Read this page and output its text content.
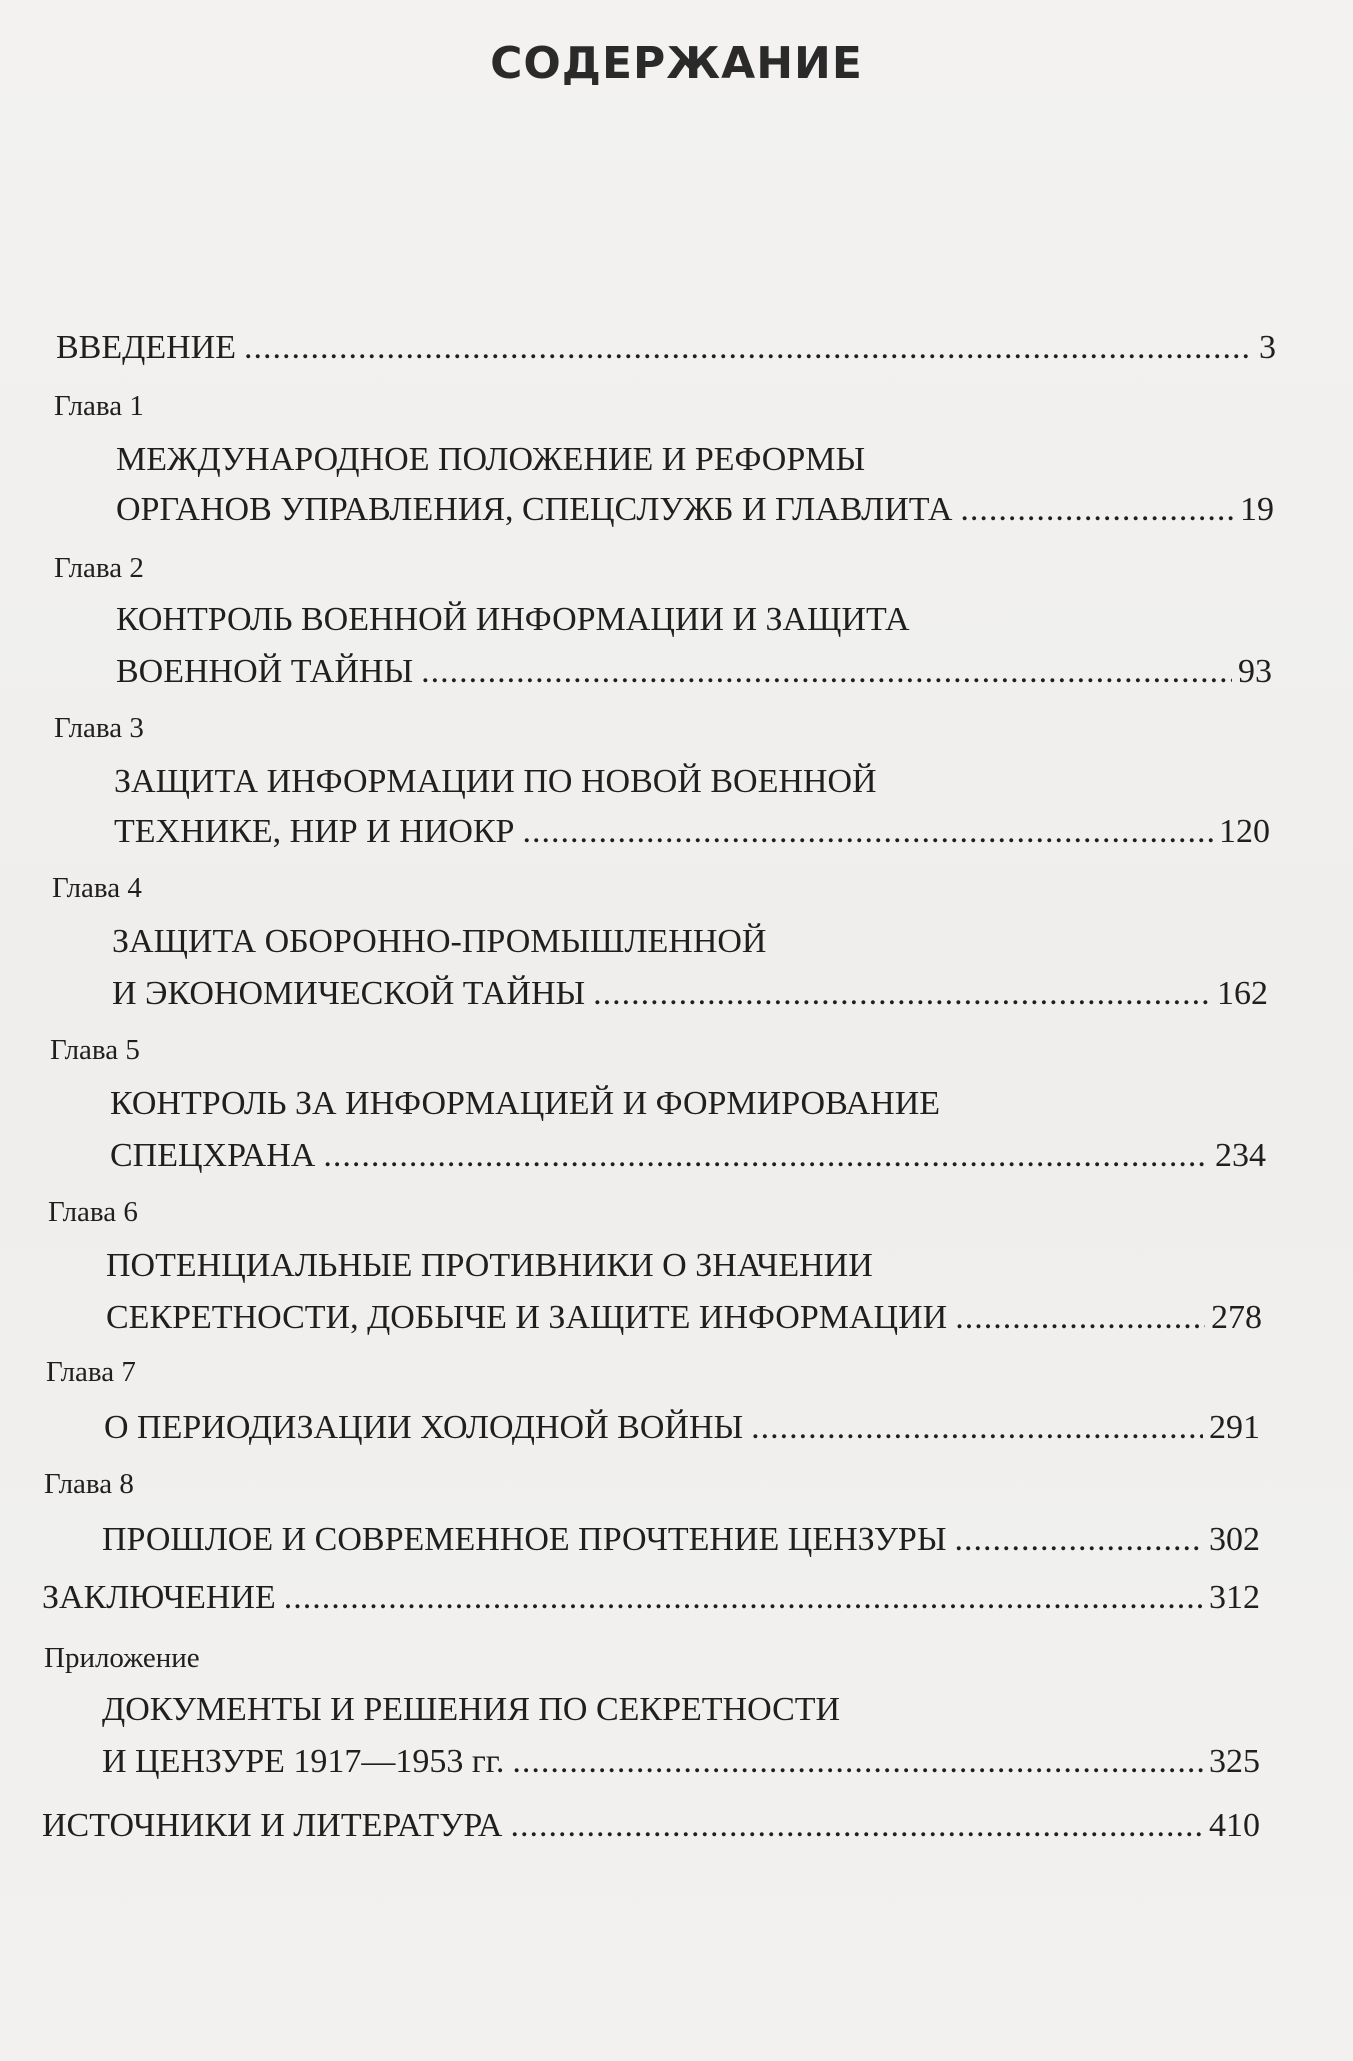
СОДЕРЖАНИЕ
ВВЕДЕНИЕ .....	3
Глава 1
МЕЖДУНАРОДНОЕ ПОЛОЖЕНИЕ И РЕФОРМЫ
ОРГАНОВ УПРАВЛЕНИЯ, СПЕЦСЛУЖБ И ГЛАВЛИТА .....	19
Глава 2
КОНТРОЛЬ ВОЕННОЙ ИНФОРМАЦИИ И ЗАЩИТА
ВОЕННОЙ ТАЙНЫ .....	93
Глава 3
ЗАЩИТА ИНФОРМАЦИИ ПО НОВОЙ ВОЕННОЙ
ТЕХНИКЕ, НИР И НИОКР .....	120
Глава 4
ЗАЩИТА ОБОРОННО-ПРОМЫШЛЕННОЙ
И ЭКОНОМИЧЕСКОЙ ТАЙНЫ .....	162
Глава 5
КОНТРОЛЬ ЗА ИНФОРМАЦИЕЙ И ФОРМИРОВАНИЕ
СПЕЦХРАНА .....	234
Глава 6
ПОТЕНЦИАЛЬНЫЕ ПРОТИВНИКИ О ЗНАЧЕНИИ
СЕКРЕТНОСТИ, ДОБЫЧЕ И ЗАЩИТЕ ИНФОРМАЦИИ .....	278
Глава 7
О ПЕРИОДИЗАЦИИ ХОЛОДНОЙ ВОЙНЫ .....	291
Глава 8
ПРОШЛОЕ И СОВРЕМЕННОЕ ПРОЧТЕНИЕ ЦЕНЗУРЫ .....	302
ЗАКЛЮЧЕНИЕ .....	312
Приложение
ДОКУМЕНТЫ И РЕШЕНИЯ ПО СЕКРЕТНОСТИ
И ЦЕНЗУРЕ 1917—1953 гг. .....	325
ИСТОЧНИКИ И ЛИТЕРАТУРА .....	410
